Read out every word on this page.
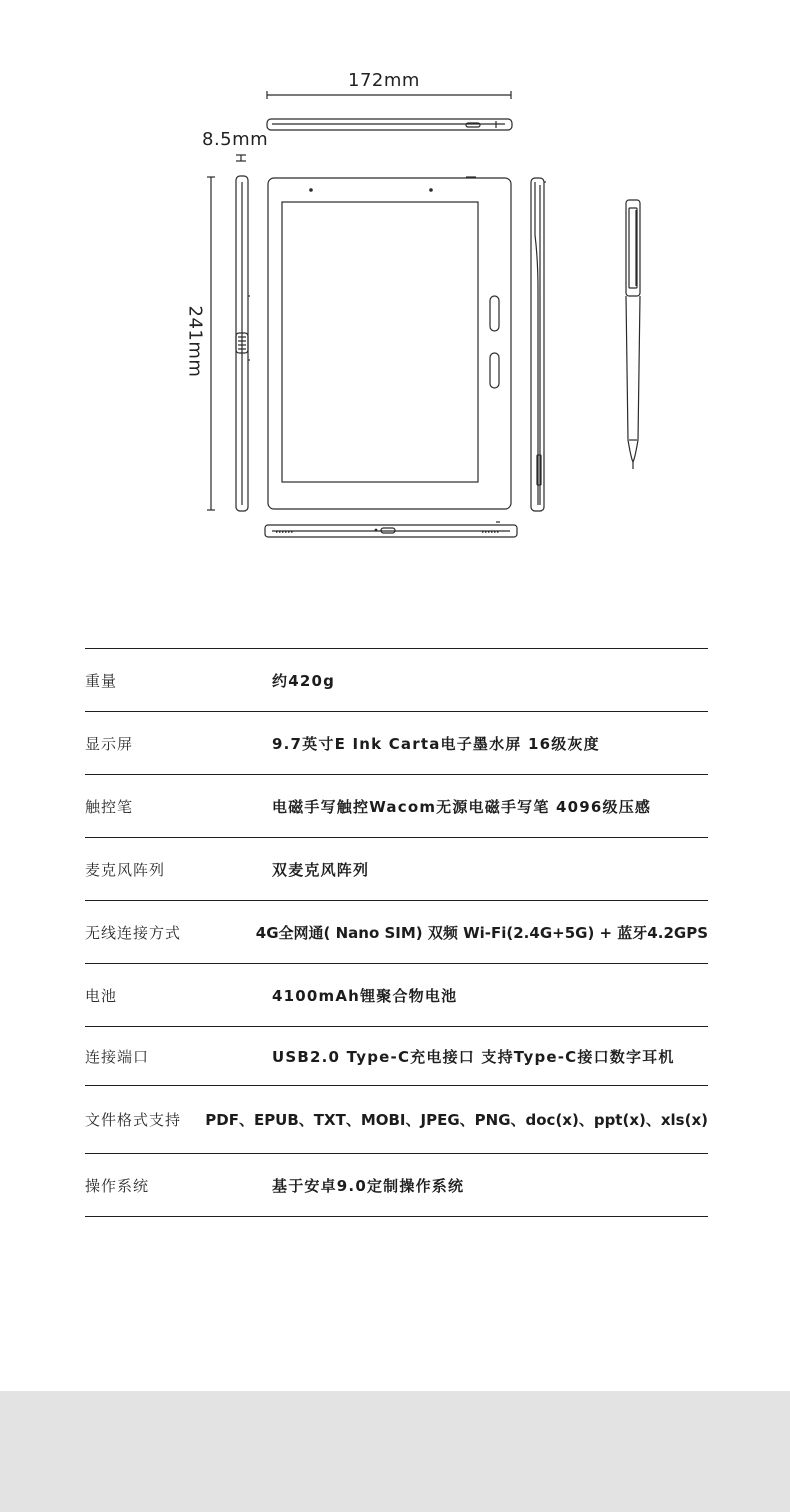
172mm
8.5mm
241mm
重量	约420g
显示屏	9.7英寸E Ink Carta电子墨水屏 16级灰度
触控笔	电磁手写触控Wacom无源电磁手写笔 4096级压感
麦克风阵列	双麦克风阵列
无线连接方式	4G全网通( Nano SIM) 双频 Wi-Fi(2.4G+5G) + 蓝牙4.2GPS
电池	4100mAh锂聚合物电池
连接端口	USB2.0 Type-C充电接口 支持Type-C接口数字耳机
文件格式支持	PDF、EPUB、TXT、MOBI、JPEG、PNG、doc(x)、ppt(x)、xls(x)
操作系统	基于安卓9.0定制操作系统
